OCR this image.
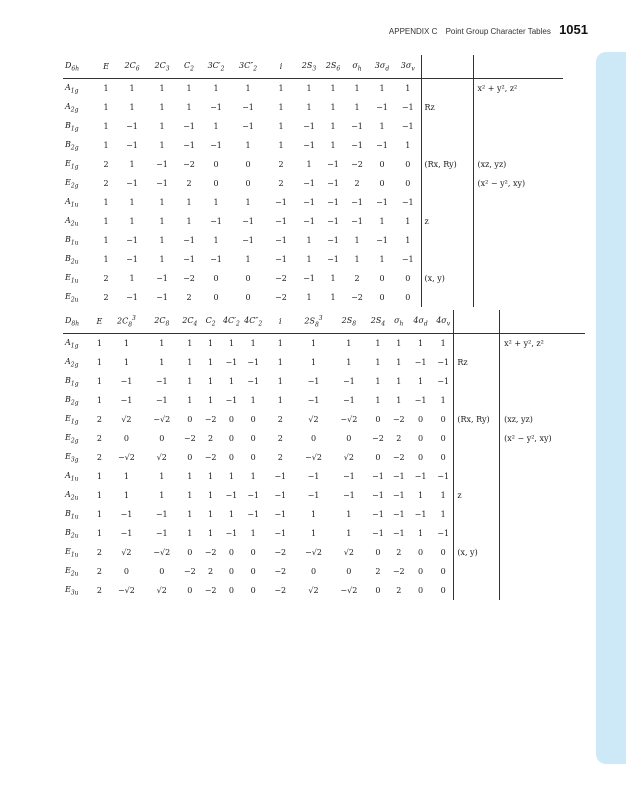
APPENDIX C Point Group Character Tables 1051
$D_{6h}$	E	$2C_6$	$2C_3$	$C_2$	$3C'_2$	$3C''_2$	i	$2S_3$	$2S_6$	$\sigma_h$	$3\sigma_d$	$3\sigma_v$		
$A_{1g}$	1	1	1	1	1	1	1	1	1	1	1	1		x² + y², z²
$A_{2g}$	1	1	1	1	−1	−1	1	1	1	1	−1	−1	Rz	
$B_{1g}$	1	−1	1	−1	1	−1	1	−1	1	−1	1	−1		
$B_{2g}$	1	−1	1	−1	−1	1	1	−1	1	−1	−1	1		
$E_{1g}$	2	1	−1	−2	0	0	2	1	−1	−2	0	0	(Rx, Ry)	(xz, yz)
$E_{2g}$	2	−1	−1	2	0	0	2	−1	−1	2	0	0		(x² − y², xy)
$A_{1u}$	1	1	1	1	1	1	−1	−1	−1	−1	−1	−1		
$A_{2u}$	1	1	1	1	−1	−1	−1	−1	−1	−1	1	1	z	
$B_{1u}$	1	−1	1	−1	1	−1	−1	1	−1	1	−1	1		
$B_{2u}$	1	−1	1	−1	−1	1	−1	1	−1	1	1	−1		
$E_{1u}$	2	1	−1	−2	0	0	−2	−1	1	2	0	0	(x, y)	
$E_{2u}$	2	−1	−1	2	0	0	−2	1	1	−2	0	0		
$D_{8h}$	E	$2C_8^3$	$2C_8$	$2C_4$	$C_2$	$4C'_2$	$4C''_2$	i	$2S_8^3$	$2S_8$	$2S_4$	$\sigma_h$	$4\sigma_d$	$4\sigma_v$		
$A_{1g}$	1	1	1	1	1	1	1	1	1	1	1	1	1	1		x² + y², z²
$A_{2g}$	1	1	1	1	1	−1	−1	1	1	1	1	1	−1	−1	Rz	
$B_{1g}$	1	−1	−1	1	1	1	−1	1	−1	−1	1	1	1	−1		
$B_{2g}$	1	−1	−1	1	1	−1	1	1	−1	−1	1	1	−1	1		
$E_{1g}$	2	√2	−√2	0	−2	0	0	2	√2	−√2	0	−2	0	0	(Rx, Ry)	(xz, yz)
$E_{2g}$	2	0	0	−2	2	0	0	2	0	0	−2	2	0	0		(x² − y², xy)
$E_{3g}$	2	−√2	√2	0	−2	0	0	2	−√2	√2	0	−2	0	0		
$A_{1u}$	1	1	1	1	1	1	1	−1	−1	−1	−1	−1	−1	−1		
$A_{2u}$	1	1	1	1	1	−1	−1	−1	−1	−1	−1	−1	1	1	z	
$B_{1u}$	1	−1	−1	1	1	1	−1	−1	1	1	−1	−1	−1	1		
$B_{2u}$	1	−1	−1	1	1	−1	1	−1	1	1	−1	−1	1	−1		
$E_{1u}$	2	√2	−√2	0	−2	0	0	−2	−√2	√2	0	2	0	0	(x, y)	
$E_{2u}$	2	0	0	−2	2	0	0	−2	0	0	2	−2	0	0		
$E_{3u}$	2	−√2	√2	0	−2	0	0	−2	√2	−√2	0	2	0	0		
